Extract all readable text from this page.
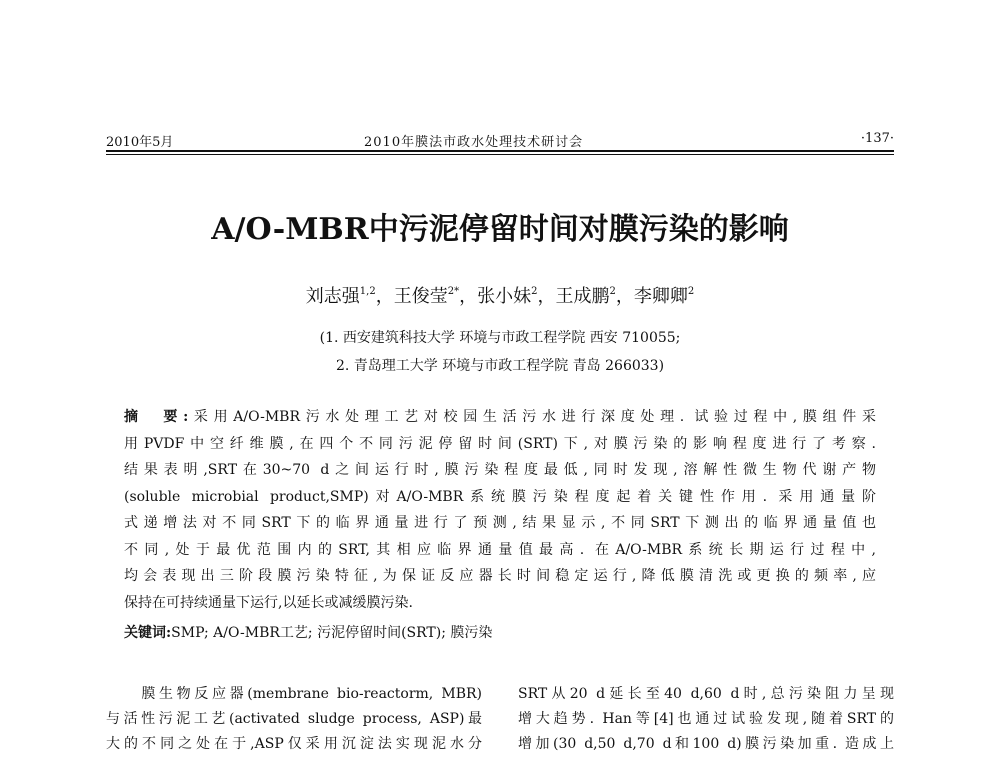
2010年5月	2010年膜法市政水处理技术研讨会	·137·
A/O-MBR中污泥停留时间对膜污染的影响
刘志强$^{1,2}$，王俊莹$^{2*}$，张小妹$^2$，王成鹏$^2$，李卿卿$^2$
(1. 西安建筑科技大学 环境与市政工程学院 西安 710055;
2. 青岛理工大学 环境与市政工程学院 青岛 266033)
摘　要:采用A/O-MBR污水处理工艺对校园生活污水进行深度处理. 试验过程中,膜组件采
用PVDF中空纤维膜,在四个不同污泥停留时间(SRT)下,对膜污染的影响程度进行了考察.
结果表明,SRT在30~70 d之间运行时,膜污染程度最低,同时发现,溶解性微生物代谢产物
(soluble microbial product,SMP)对A/O-MBR系统膜污染程度起着关键性作用. 采用通量阶
式递增法对不同SRT下的临界通量进行了预测,结果显示,不同SRT下测出的临界通量值也
不同,处于最优范围内的SRT,其相应临界通量值最高. 在A/O-MBR系统长期运行过程中,
均会表现出三阶段膜污染特征,为保证反应器长时间稳定运行,降低膜清洗或更换的频率,应
保持在可持续通量下运行,以延长或减缓膜污染.
关键词:SMP; A/O-MBR工艺; 污泥停留时间(SRT); 膜污染
　　膜生物反应器(membrane bio-reactorm, MBR)
与活性污泥工艺(activated sludge process, ASP)最
大的不同之处在于,ASP仅采用沉淀法实现泥水分
SRT从20 d延长至40 d,60 d时,总污染阻力呈现
增大趋势. Han等[4]也通过试验发现,随着SRT的
增加(30 d,50 d,70 d和100 d)膜污染加重. 造成上
